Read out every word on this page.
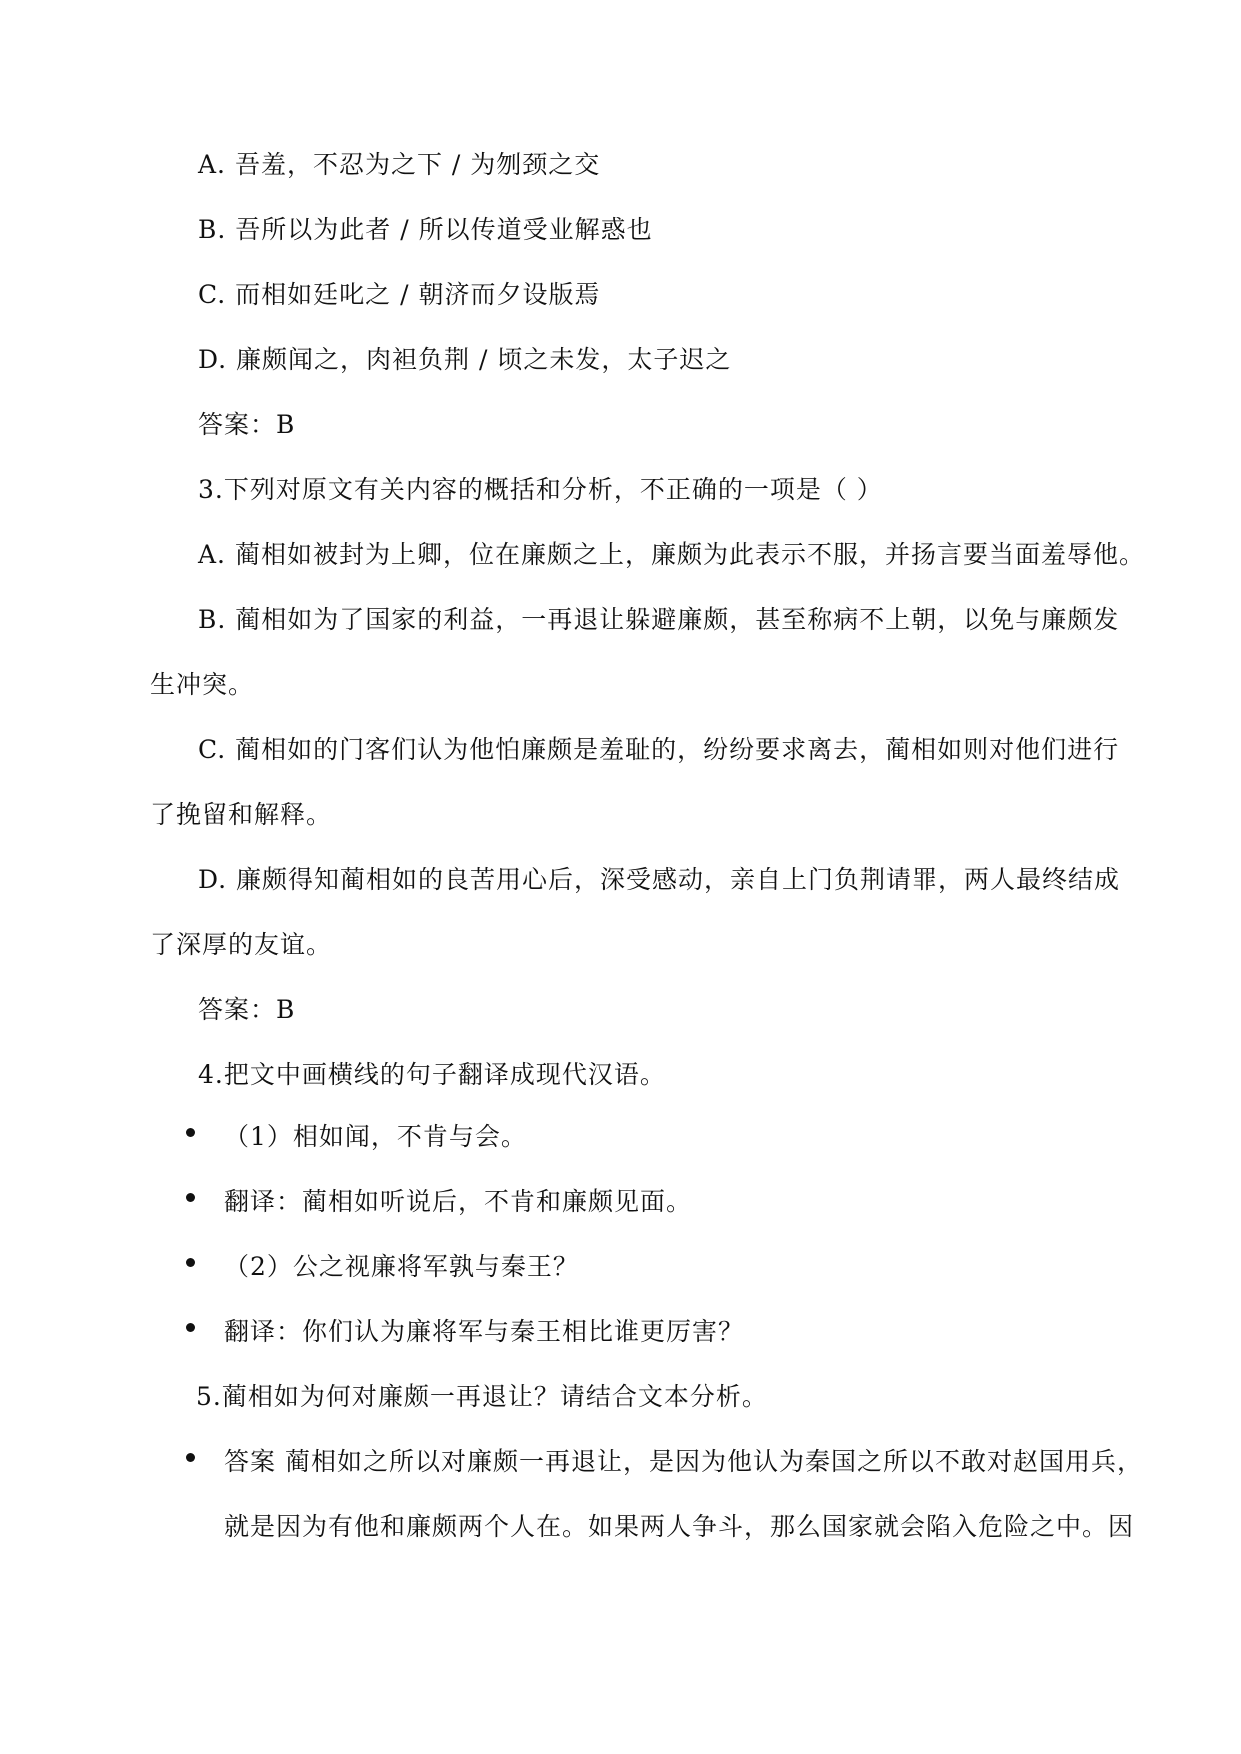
A. 吾羞，不忍为之下 / 为刎颈之交
B. 吾所以为此者 / 所以传道受业解惑也
C. 而相如廷叱之 / 朝济而夕设版焉
D. 廉颇闻之，肉袒负荆 / 顷之未发，太子迟之
答案：B
3.下列对原文有关内容的概括和分析，不正确的一项是（ ）
A. 蔺相如被封为上卿，位在廉颇之上，廉颇为此表示不服，并扬言要当面羞辱他。
B. 蔺相如为了国家的利益，一再退让躲避廉颇，甚至称病不上朝，以免与廉颇发
生冲突。
C. 蔺相如的门客们认为他怕廉颇是羞耻的，纷纷要求离去，蔺相如则对他们进行
了挽留和解释。
D. 廉颇得知蔺相如的良苦用心后，深受感动，亲自上门负荆请罪，两人最终结成
了深厚的友谊。
答案：B
4.把文中画横线的句子翻译成现代汉语。
（1）相如闻，不肯与会。
翻译：蔺相如听说后，不肯和廉颇见面。
（2）公之视廉将军孰与秦王？
翻译：你们认为廉将军与秦王相比谁更厉害？
5.蔺相如为何对廉颇一再退让？请结合文本分析。
答案 蔺相如之所以对廉颇一再退让，是因为他认为秦国之所以不敢对赵国用兵，
就是因为有他和廉颇两个人在。如果两人争斗，那么国家就会陷入危险之中。因
